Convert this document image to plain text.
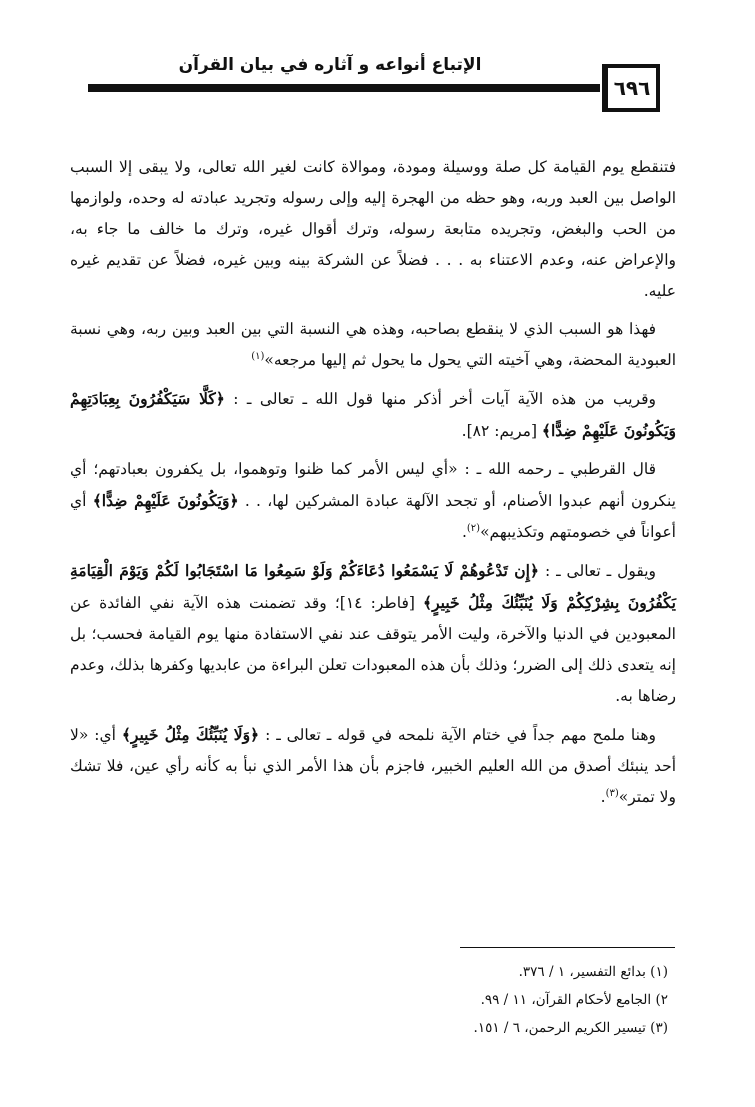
الإتباع أنواعه و آثاره في بيان القرآن
٦٩٦

فتنقطع يوم القيامة كل صلة ووسيلة ومودة، وموالاة كانت لغير الله تعالى، ولا يبقى إلا السبب الواصل بين العبد وربه، وهو حظه من الهجرة إليه وإلى رسوله وتجريد عبادته له وحده، ولوازمها من الحب والبغض، وتجريده متابعة رسوله، وترك أقوال غيره، وترك ما خالف ما جاء به، والإعراض عنه، وعدم الاعتناء به . . . فضلاً عن الشركة بينه وبين غيره، فضلاً عن تقديم غيره عليه.

فهذا هو السبب الذي لا ينقطع بصاحبه، وهذه هي النسبة التي بين العبد وبين ربه، وهي نسبة العبودية المحضة، وهي آخيته التي يحول ما يحول ثم إليها مرجعه»$^{(١)}$

وقريب من هذه الآية آيات أخر أذكر منها قول الله ـ تعالى ـ : ﴿كَلَّا سَيَكْفُرُونَ بِعِبَادَتِهِمْ وَيَكُونُونَ عَلَيْهِمْ ضِدًّا﴾ [مريم: ٨٢].

قال القرطبي ـ رحمه الله ـ : «أي ليس الأمر كما ظنوا وتوهموا، بل يكفرون بعبادتهم؛ أي ينكرون أنهم عبدوا الأصنام، أو تجحد الآلهة عبادة المشركين لها، . . ﴿وَيَكُونُونَ عَلَيْهِمْ ضِدًّا﴾ أي أعواناً في خصومتهم وتكذيبهم»$^{(٢)}$.

ويقول ـ تعالى ـ : ﴿إِن تَدْعُوهُمْ لَا يَسْمَعُوا دُعَاءَكُمْ وَلَوْ سَمِعُوا مَا اسْتَجَابُوا لَكُمْ وَيَوْمَ الْقِيَامَةِ يَكْفُرُونَ بِشِرْكِكُمْ وَلَا يُنَبِّئُكَ مِثْلُ خَبِيرٍ﴾ [فاطر: ١٤]؛ وقد تضمنت هذه الآية نفي الفائدة عن المعبودين في الدنيا والآخرة، وليت الأمر يتوقف عند نفي الاستفادة منها يوم القيامة فحسب؛ بل إنه يتعدى ذلك إلى الضرر؛ وذلك بأن هذه المعبودات تعلن البراءة من عابديها وكفرها بذلك، وعدم رضاها به.

وهنا ملمح مهم جداً في ختام الآية نلمحه في قوله ـ تعالى ـ : ﴿وَلَا يُنَبِّئُكَ مِثْلُ خَبِيرٍ﴾ أي: «لا أحد ينبئك أصدق من الله العليم الخبير، فاجزم بأن هذا الأمر الذي نبأ به كأنه رأي عين، فلا تشك ولا تمتر»$^{(٣)}$.

(١) بدائع التفسير، ١ / ٣٧٦.

٢) الجامع لأحكام القرآن، ١١ / ٩٩.

(٣) تيسير الكريم الرحمن، ٦ / ١٥١.
